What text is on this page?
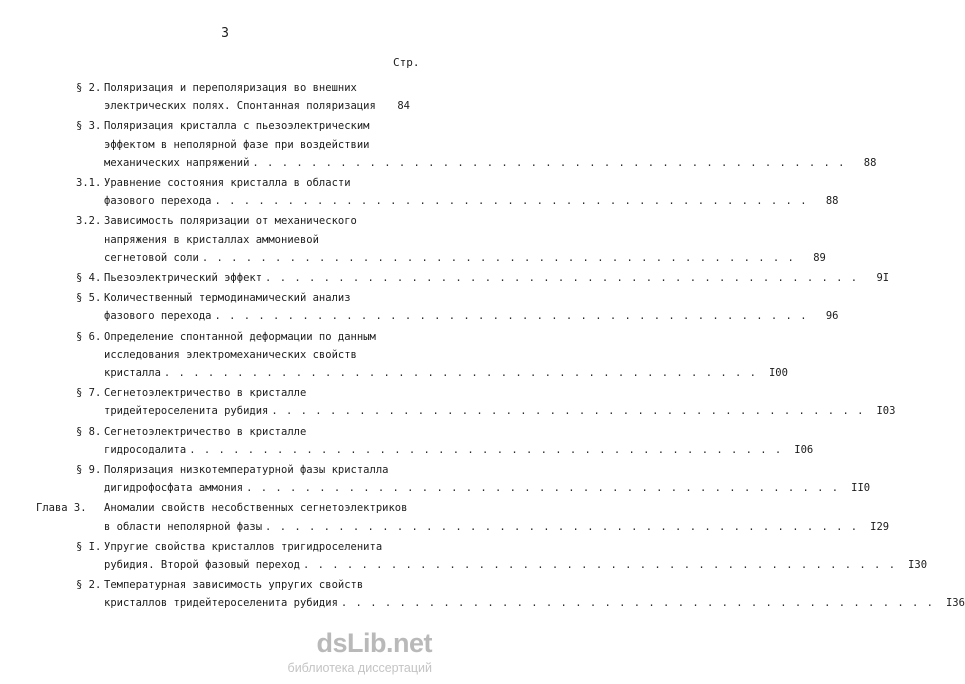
3
Стр.
§ 2. Поляризация и переполяризация во внешних
электрических полях. Спонтанная поляризация	84
§ 3. Поляризация кристалла с пьезоэлектрическим
эффектом в неполярной фазе при воздействии
механических напряжений . . . . . . . . . . . . . . . . . . . . . . . . . . . . . . . . . . . . . . . . .	88
3.1. Уравнение состояния кристалла в области
фазового перехода . . . . . . . . . . . . . . . . . . . . . . . . . . . . . . . . . . . . . . . . .	88
3.2. Зависимость поляризации от механического
напряжения в кристаллах аммониевой
сегнетовой соли . . . . . . . . . . . . . . . . . . . . . . . . . . . . . . . . . . . . . . . . .	89
§ 4. Пьезоэлектрический эффект . . . . . . . . . . . . . . . . . . . . . . . . . . . . . . . . . . . . . . . . .	9I
§ 5. Количественный термодинамический анализ
фазового перехода . . . . . . . . . . . . . . . . . . . . . . . . . . . . . . . . . . . . . . . . .	96
§ 6. Определение спонтанной деформации по данным
исследования электромеханических свойств
кристалла . . . . . . . . . . . . . . . . . . . . . . . . . . . . . . . . . . . . . . . . .	I00
§ 7. Сегнетоэлектричество в кристалле
тридейтероселенита рубидия . . . . . . . . . . . . . . . . . . . . . . . . . . . . . . . . . . . . . . . . .	I03
§ 8. Сегнетоэлектричество в кристалле
гидросодалита . . . . . . . . . . . . . . . . . . . . . . . . . . . . . . . . . . . . . . . . .	I06
§ 9. Поляризация низкотемпературной фазы кристалла
дигидрофосфата аммония . . . . . . . . . . . . . . . . . . . . . . . . . . . . . . . . . . . . . . . . .	II0
Глава 3. Аномалии свойств несобственных сегнетоэлектриков
в области неполярной фазы . . . . . . . . . . . . . . . . . . . . . . . . . . . . . . . . . . . . . . . . .	I29
§ I. Упругие свойства кристаллов тригидроселенита
рубидия. Второй фазовый переход . . . . . . . . . . . . . . . . . . . . . . . . . . . . . . . . . . . . . . . . .	I30
§ 2. Температурная зависимость упругих свойств
кристаллов тридейтероселенита рубидия . . . . . . . . . . . . . . . . . . . . . . . . . . . . . . . . . . . . . . . . .	I36
dsLib.net
библиотека диссертаций
